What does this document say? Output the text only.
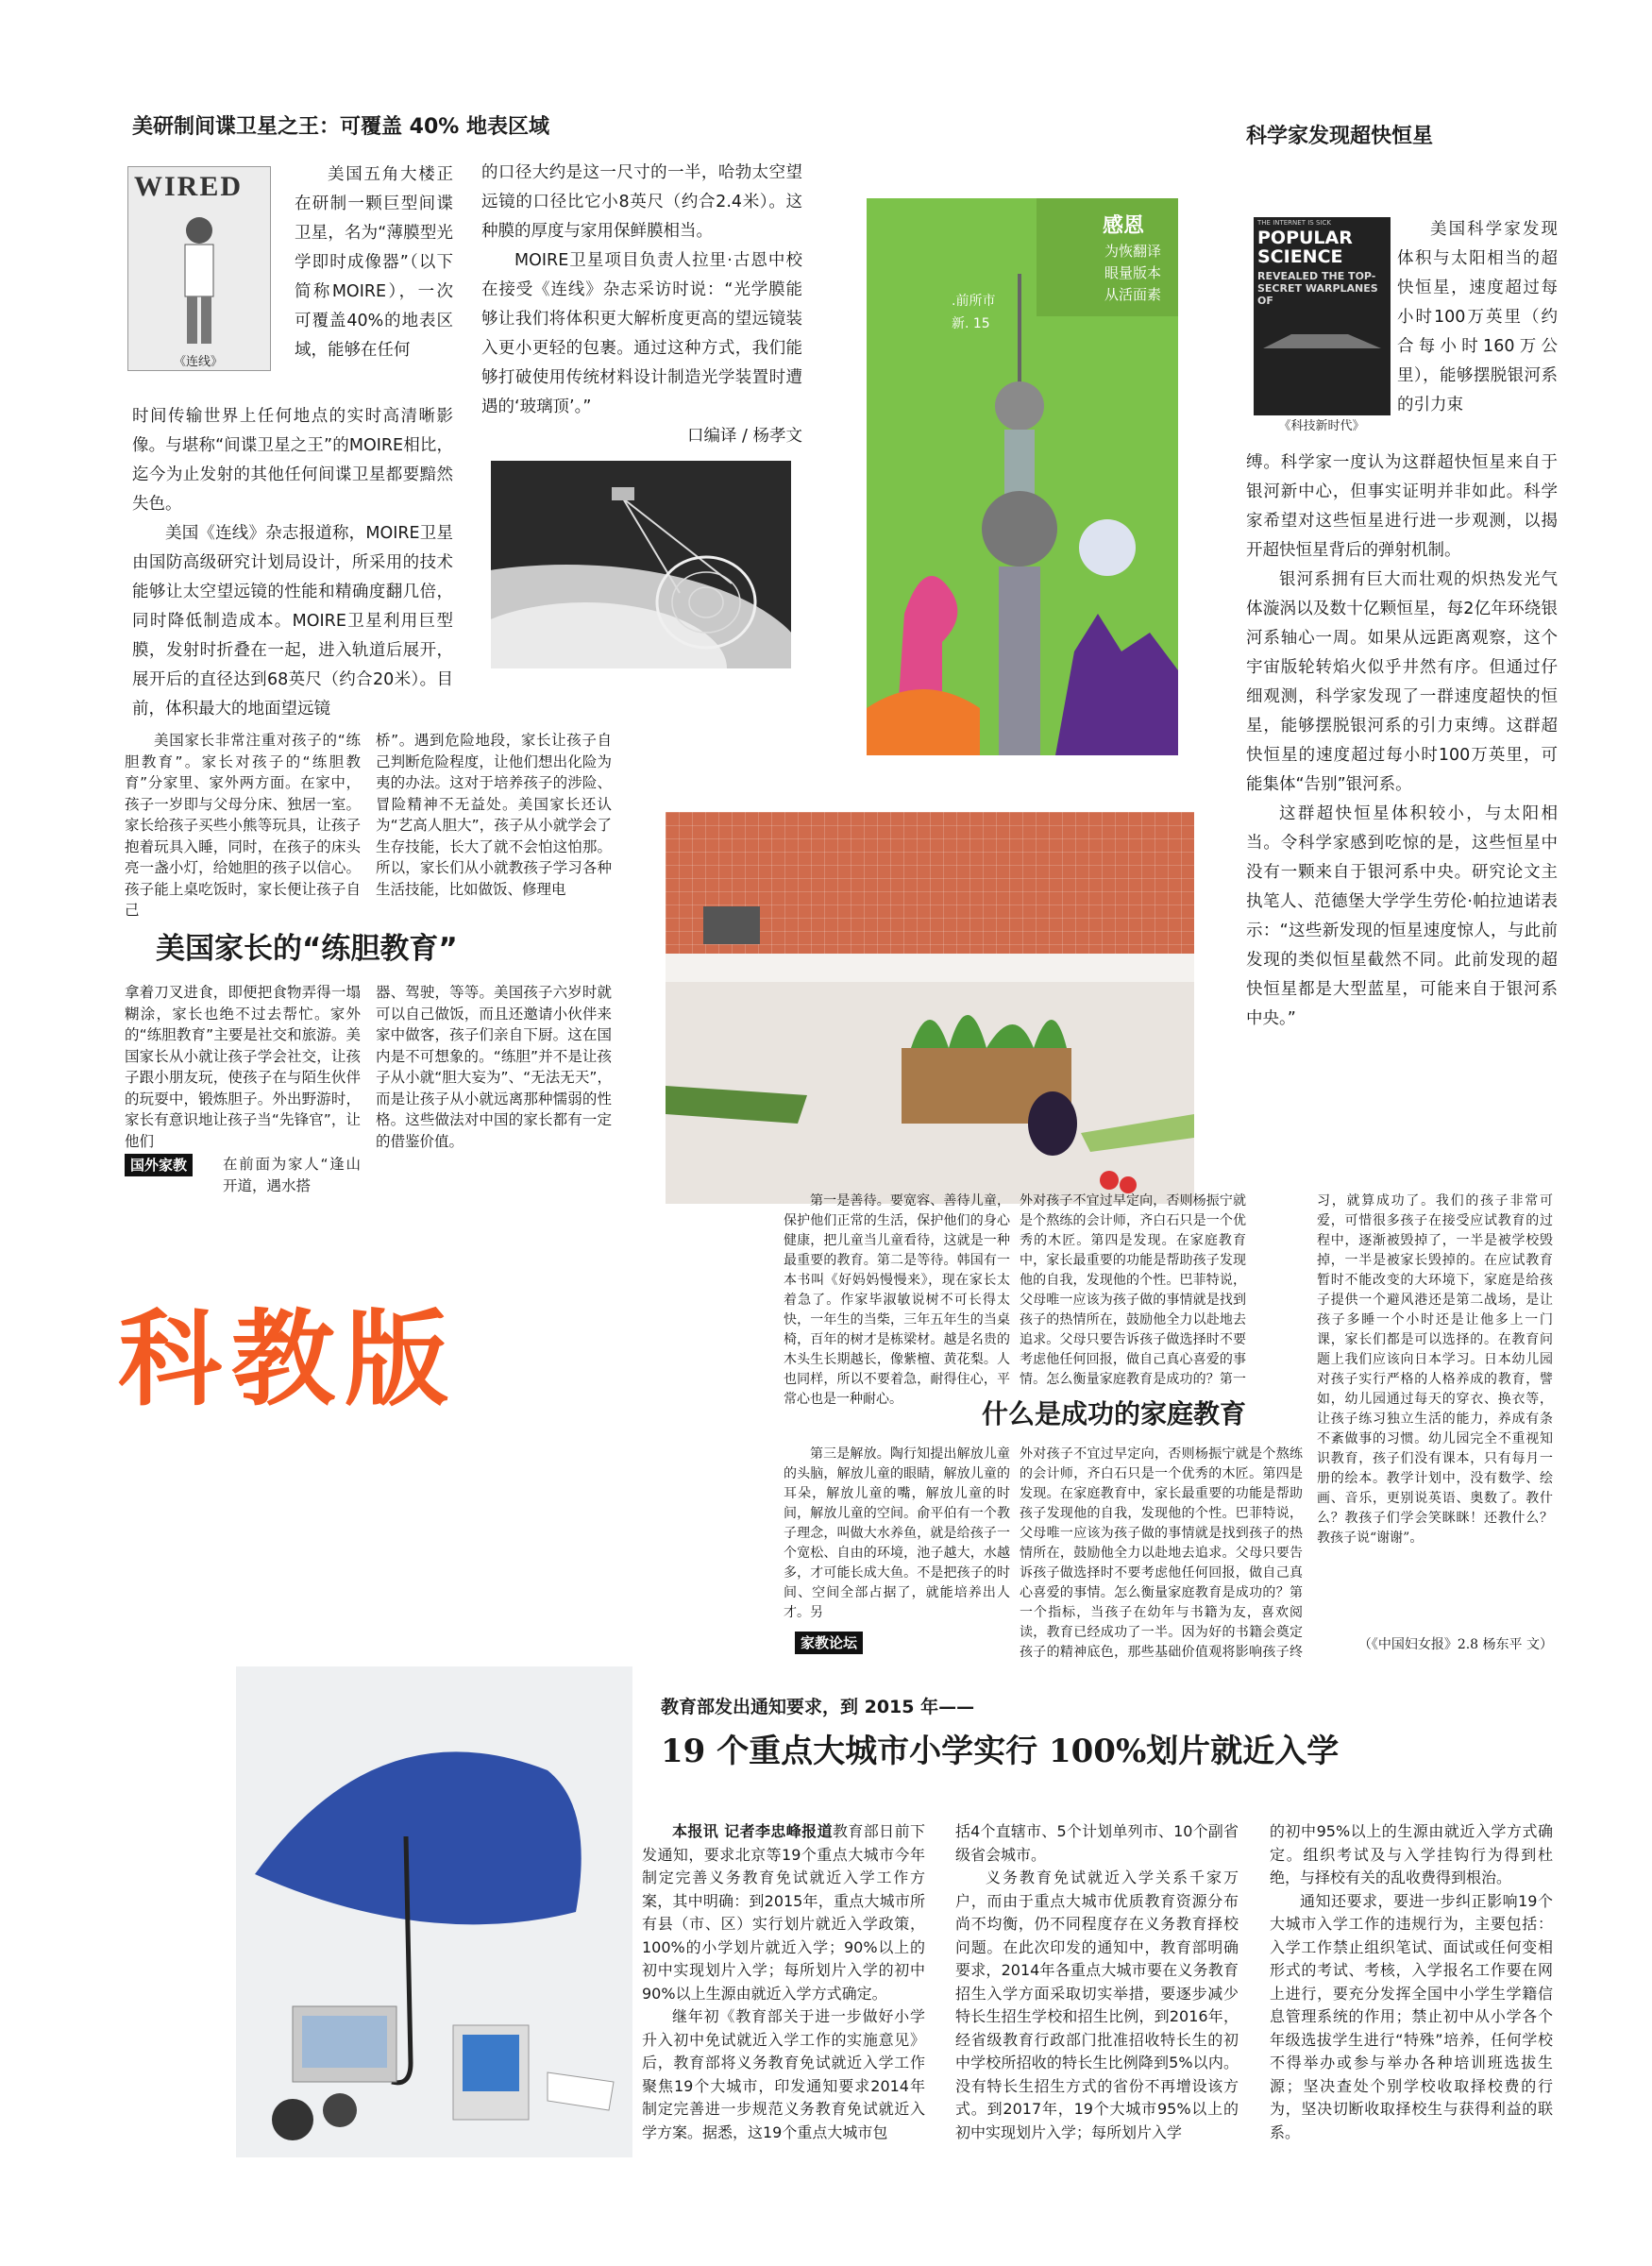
美研制间谍卫星之王：可覆盖 40% 地表区域
WIRED
《连线》

美国五角大楼正在研制一颗巨型间谍卫星，名为“薄膜型光学即时成像器”（以下简称MOIRE），一次可覆盖40%的地表区域，能够在任何

时间传输世界上任何地点的实时高清晰影像。与堪称“间谍卫星之王”的MOIRE相比，迄今为止发射的其他任何间谍卫星都要黯然失色。

美国《连线》杂志报道称，MOIRE卫星由国防高级研究计划局设计，所采用的技术能够让太空望远镜的性能和精确度翻几倍，同时降低制造成本。MOIRE卫星利用巨型膜，发射时折叠在一起，进入轨道后展开，展开后的直径达到68英尺（约合20米）。目前，体积最大的地面望远镜

的口径大约是这一尺寸的一半，哈勃太空望远镜的口径比它小8英尺（约合2.4米）。这种膜的厚度与家用保鲜膜相当。

MOIRE卫星项目负责人拉里·古恩中校在接受《连线》杂志采访时说：“光学膜能够让我们将体积更大解析度更高的望远镜装入更小更轻的包裹。通过这种方式，我们能够打破使用传统材料设计制造光学装置时遭遇的‘玻璃顶’。”

口编译 / 杨孝文
感恩
为恢翻译
眼量版本
从活面素
.前所市
新. 15
科学家发现超快恒星
THE INTERNET IS SICK
POPULAR SCIENCE
REVEALED THE TOP-SECRET WARPLANES OF
《科技新时代》

美国科学家发现体积与太阳相当的超快恒星，速度超过每小时100万英里（约合每小时160万公里），能够摆脱银河系的引力束

缚。科学家一度认为这群超快恒星来自于银河新中心，但事实证明并非如此。科学家希望对这些恒星进行进一步观测，以揭开超快恒星背后的弹射机制。

银河系拥有巨大而壮观的炽热发光气体漩涡以及数十亿颗恒星，每2亿年环绕银河系轴心一周。如果从远距离观察，这个宇宙版轮转焰火似乎井然有序。但通过仔细观测，科学家发现了一群速度超快的恒星，能够摆脱银河系的引力束缚。这群超快恒星的速度超过每小时100万英里，可能集体“告别”银河系。

这群超快恒星体积较小，与太阳相当。令科学家感到吃惊的是，这些恒星中没有一颗来自于银河系中央。研究论文主执笔人、范德堡大学学生劳伦·帕拉迪诺表示：“这些新发现的恒星速度惊人，与此前发现的类似恒星截然不同。此前发现的超快恒星都是大型蓝星，可能来自于银河系中央。”

美国家长非常注重对孩子的“练胆教育”。家长对孩子的“练胆教育”分家里、家外两方面。在家中，孩子一岁即与父母分床、独居一室。家长给孩子买些小熊等玩具，让孩子抱着玩具入睡，同时，在孩子的床头亮一盏小灯，给她胆的孩子以信心。孩子能上桌吃饭时，家长便让孩子自己

桥”。遇到危险地段，家长让孩子自己判断危险程度，让他们想出化险为夷的办法。这对于培养孩子的涉险、冒险精神不无益处。美国家长还认为“艺高人胆大”，孩子从小就学会了生存技能，长大了就不会怕这怕那。所以，家长们从小就教孩子学习各种生活技能，比如做饭、修理电

美国家长的“练胆教育”

拿着刀叉进食，即便把食物弄得一塌糊涂，家长也绝不过去帮忙。家外的“练胆教育”主要是社交和旅游。美国家长从小就让孩子学会社交，让孩子跟小朋友玩，使孩子在与陌生伙伴的玩耍中，锻炼胆子。外出野游时，家长有意识地让孩子当“先锋官”，让他们

国外家教	在前面为家人“逢山开道，遇水搭

器、驾驶，等等。美国孩子六岁时就可以自己做饭，而且还邀请小伙伴来家中做客，孩子们亲自下厨。这在国内是不可想象的。“练胆”并不是让孩子从小就“胆大妄为”、“无法无天”，而是让孩子从小就远离那种懦弱的性格。这些做法对中国的家长都有一定的借鉴价值。

科教版

第一是善待。要宽容、善待儿童，保护他们正常的生活，保护他们的身心健康，把儿童当儿童看待，这就是一种最重要的教育。第二是等待。韩国有一本书叫《好妈妈慢慢来》，现在家长太着急了。作家毕淑敏说树不可长得太快，一年生的当柴，三年五年生的当桌椅，百年的树才是栋梁材。越是名贵的木头生长期越长，像紫檀、黄花梨。人也同样，所以不要着急，耐得住心，平常心也是一种耐心。	什么是成功的家庭教育

第三是解放。陶行知提出解放儿童的头脑，解放儿童的眼睛，解放儿童的耳朵，解放儿童的嘴，解放儿童的时间，解放儿童的空间。俞平伯有一个教子理念，叫做大水养鱼，就是给孩子一个宽松、自由的环境，池子越大，水越多，才可能长成大鱼。不是把孩子的时间、空间全部占据了，就能培养出人才。另

家教论坛

外对孩子不宜过早定向，否则杨振宁就是个熬练的会计师，齐白石只是一个优秀的木匠。第四是发现。在家庭教育中，家长最重要的功能是帮助孩子发现他的自我，发现他的个性。巴菲特说，父母唯一应该为孩子做的事情就是找到孩子的热情所在，鼓励他全力以赴地去追求。父母只要告诉孩子做选择时不要考虑他任何回报，做自己真心喜爱的事情。怎么衡量家庭教育是成功的？第一

外对孩子不宜过早定向，否则杨振宁就是个熬练的会计师，齐白石只是一个优秀的木匠。第四是发现。在家庭教育中，家长最重要的功能是帮助孩子发现他的自我，发现他的个性。巴菲特说，父母唯一应该为孩子做的事情就是找到孩子的热情所在，鼓励他全力以赴地去追求。父母只要告诉孩子做选择时不要考虑他任何回报，做自己真心喜爱的事情。怎么衡量家庭教育是成功的？第一个指标，当孩子在幼年与书籍为友，喜欢阅读，教育已经成功了一半。因为好的书籍会奠定孩子的精神底色，那些基础价值观将影响孩子终

习，就算成功了。我们的孩子非常可爱，可惜很多孩子在接受应试教育的过程中，逐渐被毁掉了，一半是被学校毁掉，一半是被家长毁掉的。在应试教育暂时不能改变的大环境下，家庭是给孩子提供一个避风港还是第二战场，是让孩子多睡一个小时还是让他多上一门课，家长们都是可以选择的。在教育问题上我们应该向日本学习。日本幼儿园对孩子实行严格的人格养成的教育，譬如，幼儿园通过每天的穿衣、换衣等，让孩子练习独立生活的能力，养成有条不紊做事的习惯。幼儿园完全不重视知识教育，孩子们没有课本，只有每月一册的绘本。教学计划中，没有数学、绘画、音乐，更别说英语、奥数了。教什么？教孩子们学会笑眯眯！还教什么？教孩子说“谢谢”。

（《中国妇女报》2.8 杨东平 文）
教育部发出通知要求，到 2015 年——
19 个重点大城市小学实行 100%划片就近入学

本报讯 记者李忠峰报道教育部日前下发通知，要求北京等19个重点大城市今年制定完善义务教育免试就近入学工作方案，其中明确：到2015年，重点大城市所有县（市、区）实行划片就近入学政策，100%的小学划片就近入学；90%以上的初中实现划片入学；每所划片入学的初中90%以上生源由就近入学方式确定。

继年初《教育部关于进一步做好小学升入初中免试就近入学工作的实施意见》后，教育部将义务教育免试就近入学工作聚焦19个大城市，印发通知要求2014年制定完善进一步规范义务教育免试就近入学方案。据悉，这19个重点大城市包

括4个直辖市、5个计划单列市、10个副省级省会城市。

义务教育免试就近入学关系千家万户，而由于重点大城市优质教育资源分布尚不均衡，仍不同程度存在义务教育择校问题。在此次印发的通知中，教育部明确要求，2014年各重点大城市要在义务教育招生入学方面采取切实举措，要逐步减少特长生招生学校和招生比例，到2016年，经省级教育行政部门批准招收特长生的初中学校所招收的特长生比例降到5%以内。没有特长生招生方式的省份不再增设该方式。到2017年，19个大城市95%以上的初中实现划片入学；每所划片入学

的初中95%以上的生源由就近入学方式确定。组织考试及与入学挂钩行为得到杜绝，与择校有关的乱收费得到根治。

通知还要求，要进一步纠正影响19个大城市入学工作的违规行为，主要包括：入学工作禁止组织笔试、面试或任何变相形式的考试、考核，入学报名工作要在网上进行，要充分发挥全国中小学生学籍信息管理系统的作用；禁止初中从小学各个年级选拔学生进行“特殊”培养，任何学校不得举办或参与举办各种培训班选拔生源；坚决查处个别学校收取择校费的行为，坚决切断收取择校生与获得利益的联系。
